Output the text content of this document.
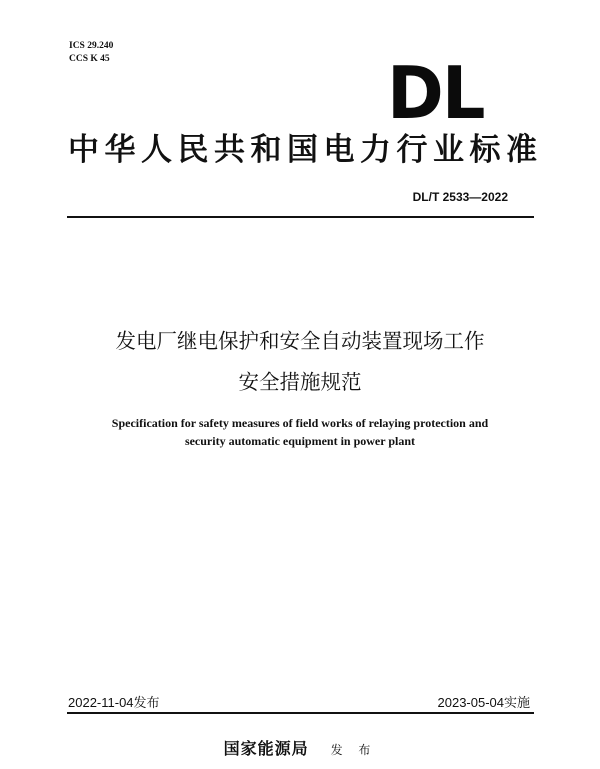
ICS 29.240
CCS K 45	DL
中华人民共和国电力行业标准
DL/T 2533—2022
发电厂继电保护和安全自动装置现场工作
安全措施规范
Specification for safety measures of field works of relaying protection and
security automatic equipment in power plant
2022-11-04发布	2023-05-04实施
国家能源局 发 布
